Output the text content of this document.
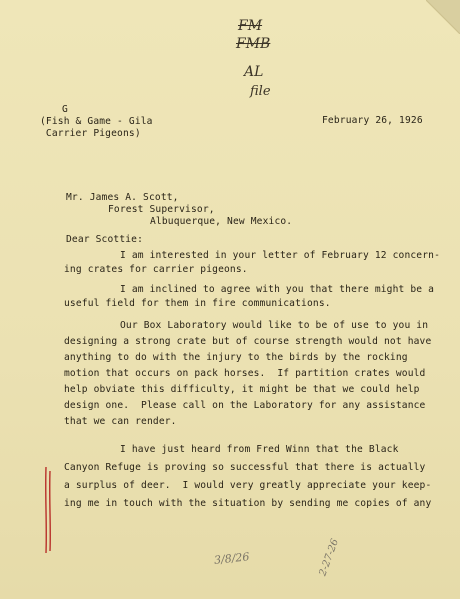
FM
FMB
AL
file
G
(Fish & Game - Gila
Carrier Pigeons)
February 26, 1926
Mr. James A. Scott,
Forest Supervisor,
Albuquerque, New Mexico.
Dear Scottie:
I am interested in your letter of February 12 concern-
ing crates for carrier pigeons.
I am inclined to agree with you that there might be a
useful field for them in fire communications.
Our Box Laboratory would like to be of use to you in
designing a strong crate but of course strength would not have
anything to do with the injury to the birds by the rocking
motion that occurs on pack horses.  If partition crates would
help obviate this difficulty, it might be that we could help
design one.  Please call on the Laboratory for any assistance
that we can render.
I have just heard from Fred Winn that the Black
Canyon Refuge is proving so successful that there is actually
a surplus of deer.  I would very greatly appreciate your keep-
ing me in touch with the situation by sending me copies of any
3/8/26	2-27-26
